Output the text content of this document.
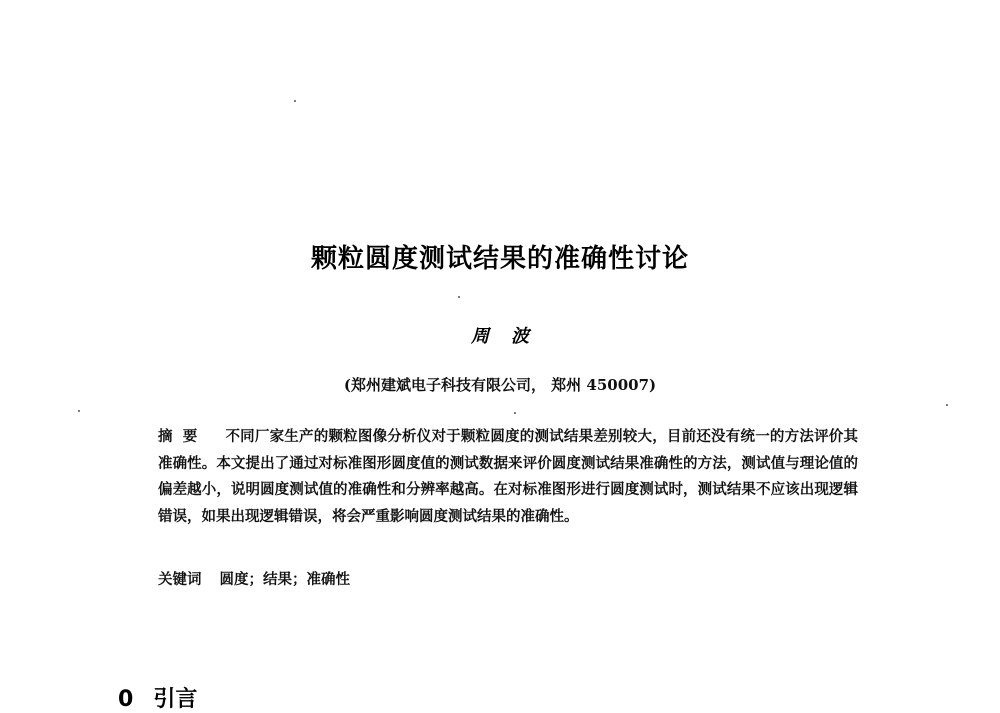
颗粒圆度测试结果的准确性讨论
周波
(郑州建斌电子科技有限公司， 郑州 450007)
摘要 不同厂家生产的颗粒图像分析仪对于颗粒圆度的测试结果差别较大，目前还没有统一的方法评价其准确性。本文提出了通过对标准图形圆度值的测试数据来评价圆度测试结果准确性的方法，测试值与理论值的偏差越小，说明圆度测试值的准确性和分辨率越高。在对标准图形进行圆度测试时，测试结果不应该出现逻辑错误，如果出现逻辑错误，将会严重影响圆度测试结果的准确性。
关键词 圆度；结果；准确性
0 引言
